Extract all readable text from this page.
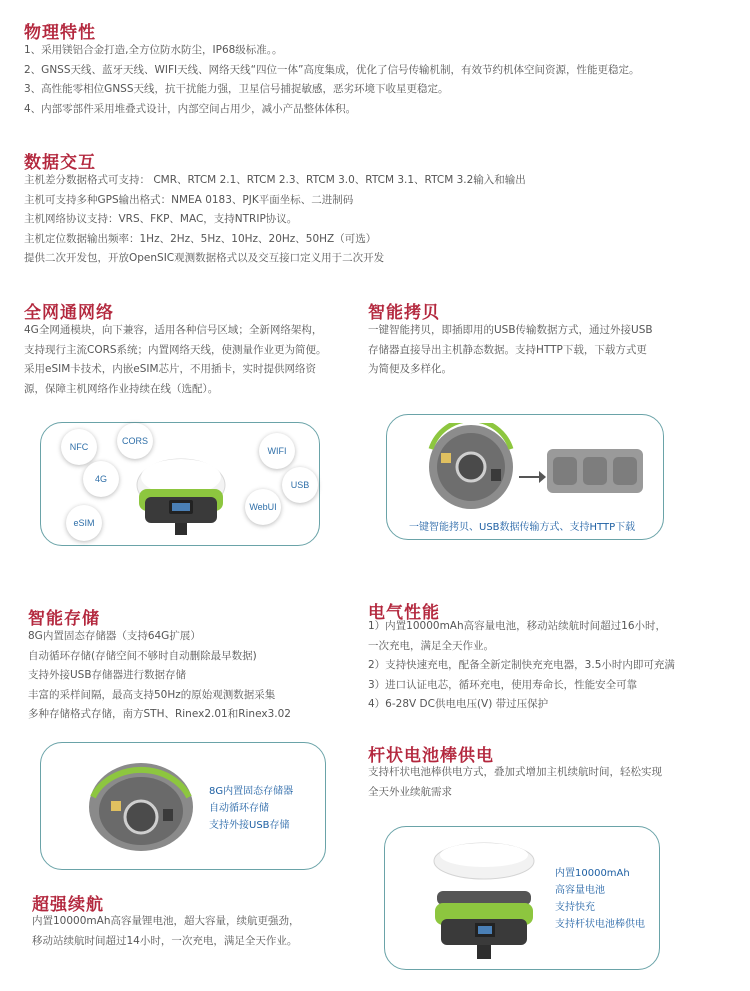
物理特性

1、采用镁铝合金打造,全方位防水防尘，IP68级标准。。

2、GNSS天线、蓝牙天线、WIFI天线、网络天线“四位一体”高度集成，优化了信号传输机制，有效节约机体空间资源，性能更稳定。

3、高性能零相位GNSS天线，抗干扰能力强，卫星信号捕捉敏感，恶劣环境下收星更稳定。

4、内部零部件采用堆叠式设计，内部空间占用少，减小产品整体体积。

数据交互

主机差分数据格式可支持： CMR、RTCM 2.1、RTCM 2.3、RTCM 3.0、RTCM 3.1、RTCM 3.2输入和输出

主机可支持多种GPS输出格式：NMEA 0183、PJK平面坐标、二进制码

主机网络协议支持：VRS、FKP、MAC，支持NTRIP协议。

主机定位数据输出频率：1Hz、2Hz、5Hz、10Hz、20Hz、50HZ（可选）

提供二次开发包，开放OpenSIC观测数据格式以及交互接口定义用于二次开发

全网通网络

4G全网通模块，向下兼容，适用各种信号区域；全新网络架构，

支持现行主流CORS系统；内置网络天线，使测量作业更为简便。

采用eSIM卡技术，内嵌eSIM芯片，不用插卡，实时提供网络资

源，保障主机网络作业持续在线（选配）。

NFC
CORS
WIFI
4G
USB
WebUI
eSIM
智能拷贝

一键智能拷贝，即插即用的USB传输数据方式，通过外接USB

存储器直接导出主机静态数据。支持HTTP下载，下载方式更

为简便及多样化。

一键智能拷贝、USB数据传输方式、支持HTTP下载
智能存储

8G内置固态存储器（支持64G扩展）

自动循环存储(存储空间不够时自动删除最早数据)

支持外接USB存储器进行数据存储

丰富的采样间隔，最高支持50Hz的原始观测数据采集

多种存储格式存储，南方STH、Rinex2.01和Rinex3.02

8G内置固态存储器
自动循环存储
支持外接USB存储
电气性能

1）内置10000mAh高容量电池，移动站续航时间超过16小时，

一次充电，满足全天作业。

2）支持快速充电，配备全新定制快充充电器，3.5小时内即可充满

3）进口认证电芯，循环充电，使用寿命长，性能安全可靠

4）6-28V DC供电电压(V) 带过压保护

杆状电池棒供电

支持杆状电池棒供电方式，叠加式增加主机续航时间，轻松实现

全天外业续航需求

内置10000mAh
高容量电池
支持快充
支持杆状电池棒供电
超强续航

内置10000mAh高容量锂电池，超大容量，续航更强劲，

移动站续航时间超过14小时，一次充电，满足全天作业。
